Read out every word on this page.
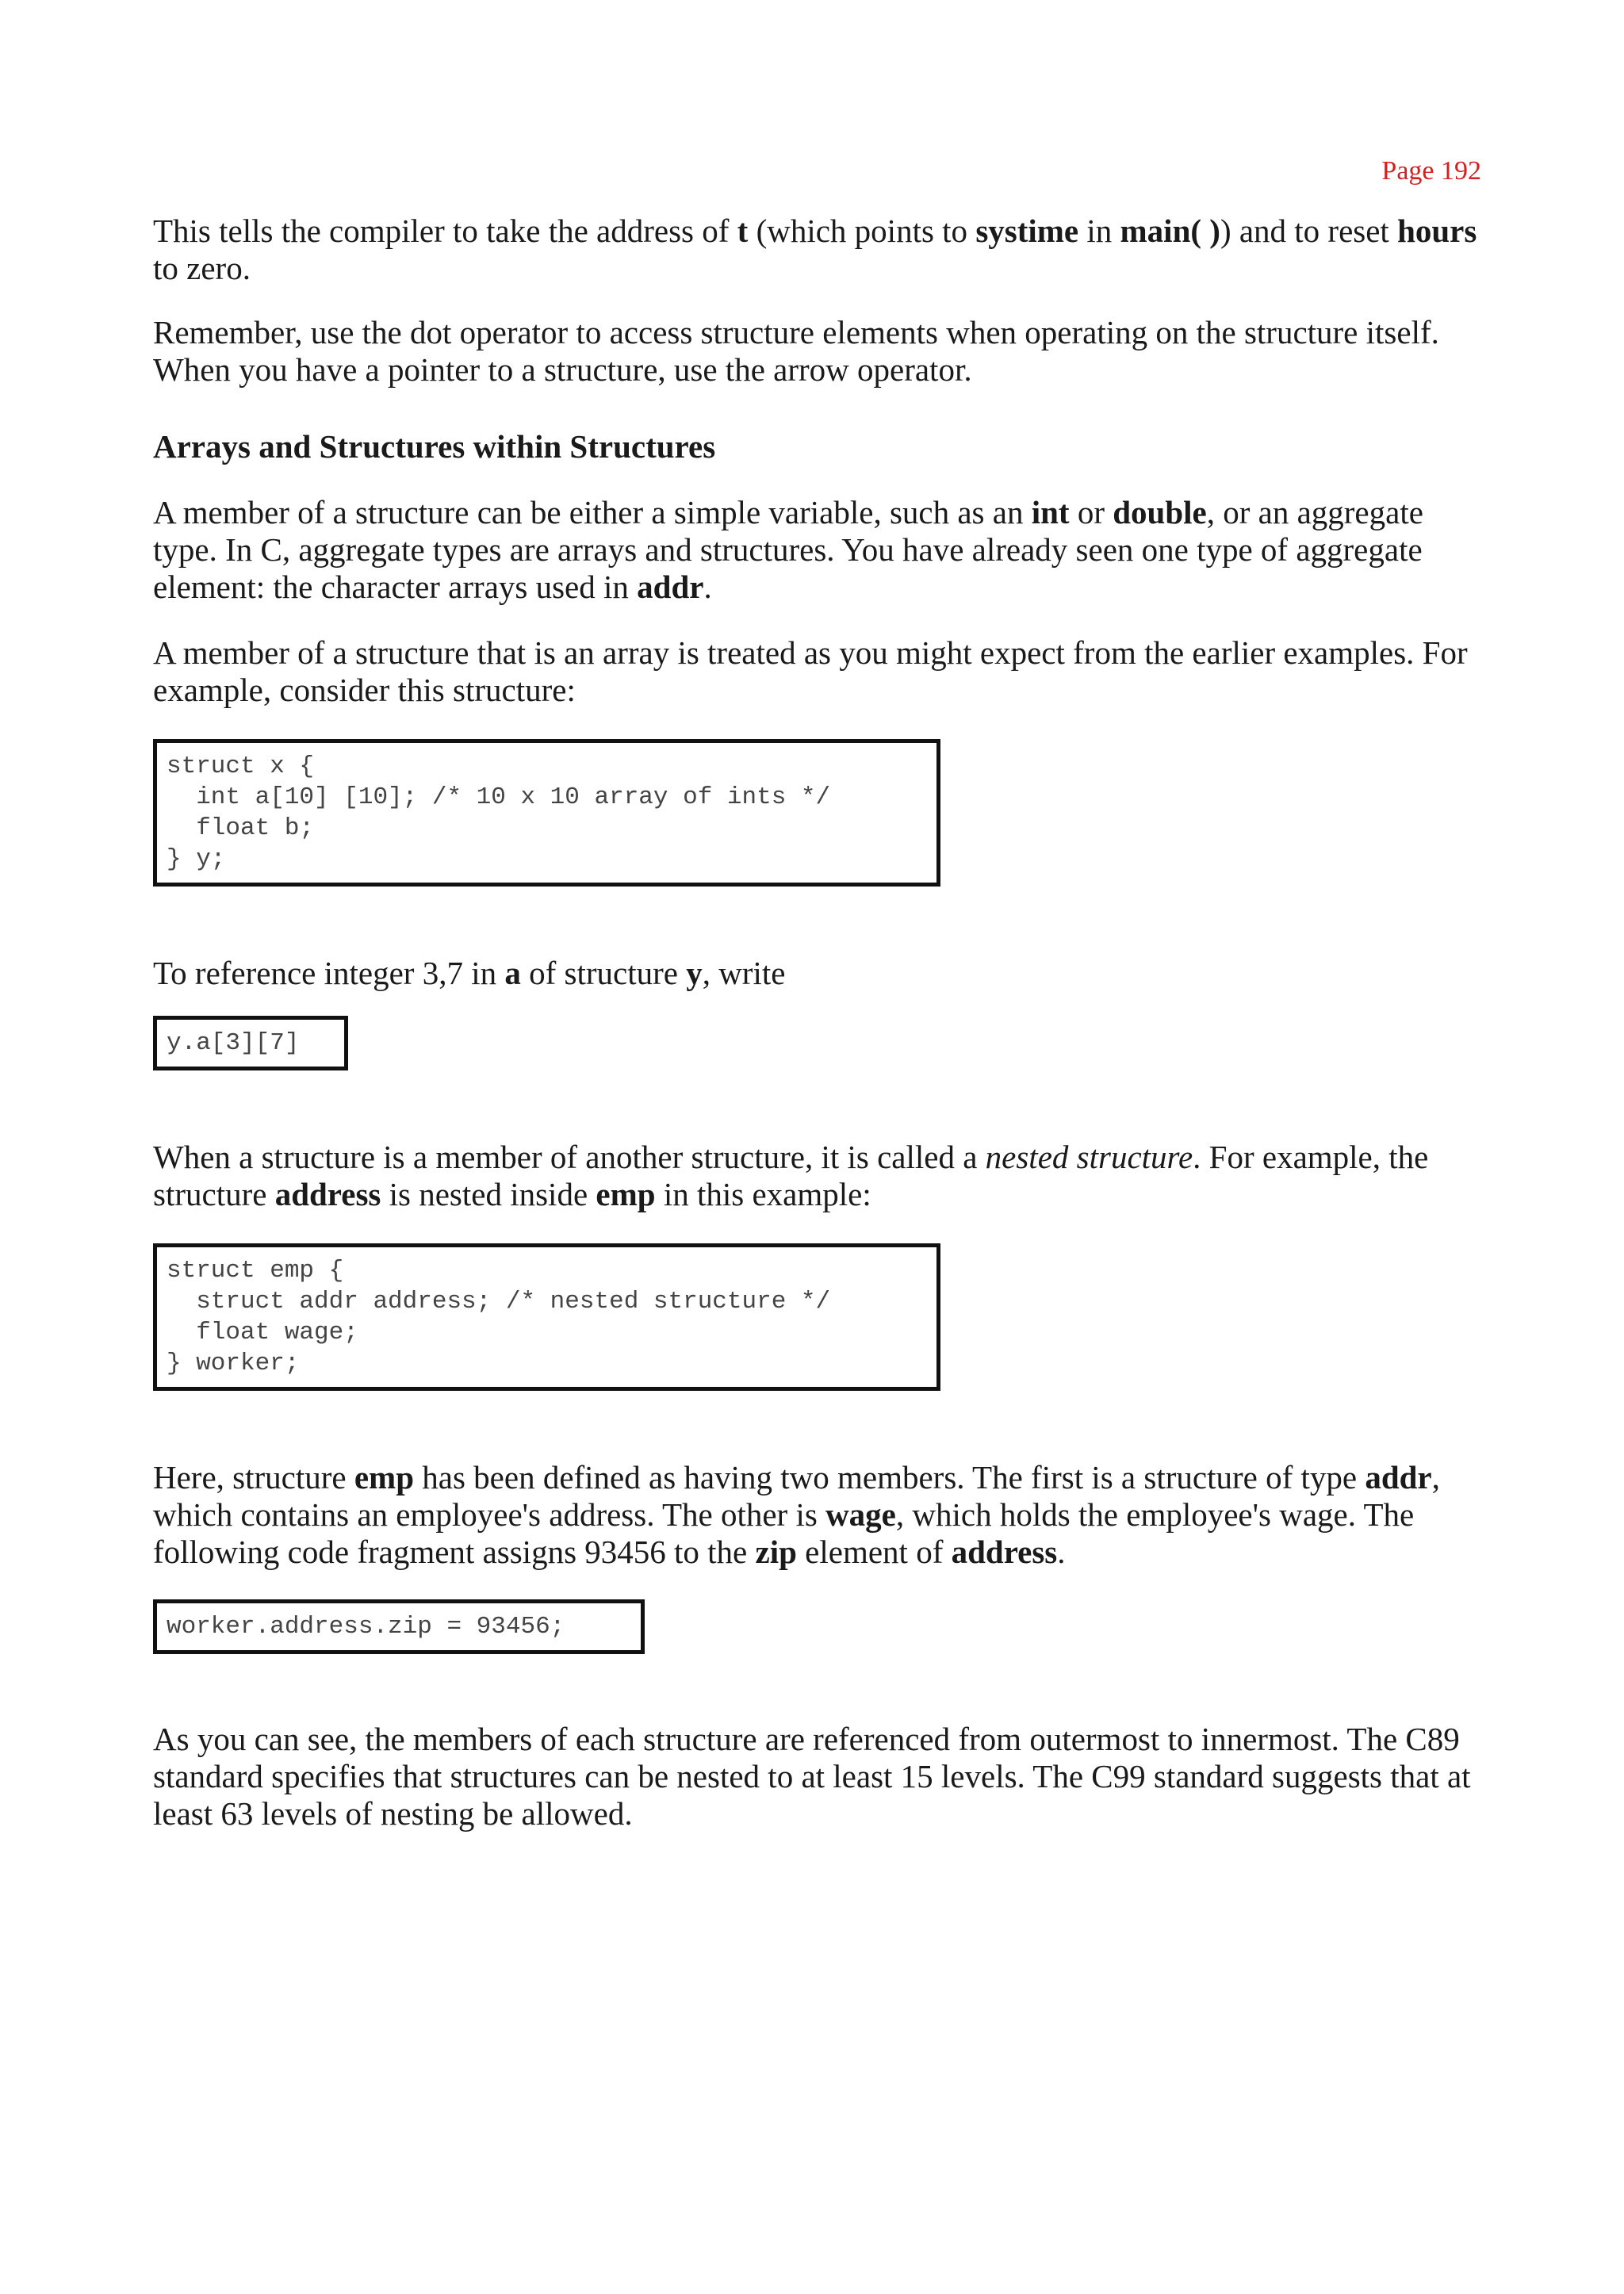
Page 192

This tells the compiler to take the address of t (which points to systime in main( )) and to reset hours to zero.

Remember, use the dot operator to access structure elements when operating on the structure itself. When you have a pointer to a structure, use the arrow operator.

Arrays and Structures within Structures

A member of a structure can be either a simple variable, such as an int or double, or an aggregate type. In C, aggregate types are arrays and structures. You have already seen one type of aggregate element: the character arrays used in addr.

A member of a structure that is an array is treated as you might expect from the earlier examples. For example, consider this structure:

struct x {
int a[10] [10]; /* 10 x 10 array of ints */
float b;
} y;

To reference integer 3,7 in a of structure y, write

y.a[3][7]

When a structure is a member of another structure, it is called a nested structure. For example, the structure address is nested inside emp in this example:

struct emp {
struct addr address; /* nested structure */
float wage;
} worker;

Here, structure emp has been defined as having two members. The first is a structure of type addr, which contains an employee's address. The other is wage, which holds the employee's wage. The following code fragment assigns 93456 to the zip element of address.

worker.address.zip = 93456;

As you can see, the members of each structure are referenced from outermost to innermost. The C89 standard specifies that structures can be nested to at least 15 levels. The C99 standard suggests that at least 63 levels of nesting be allowed.
